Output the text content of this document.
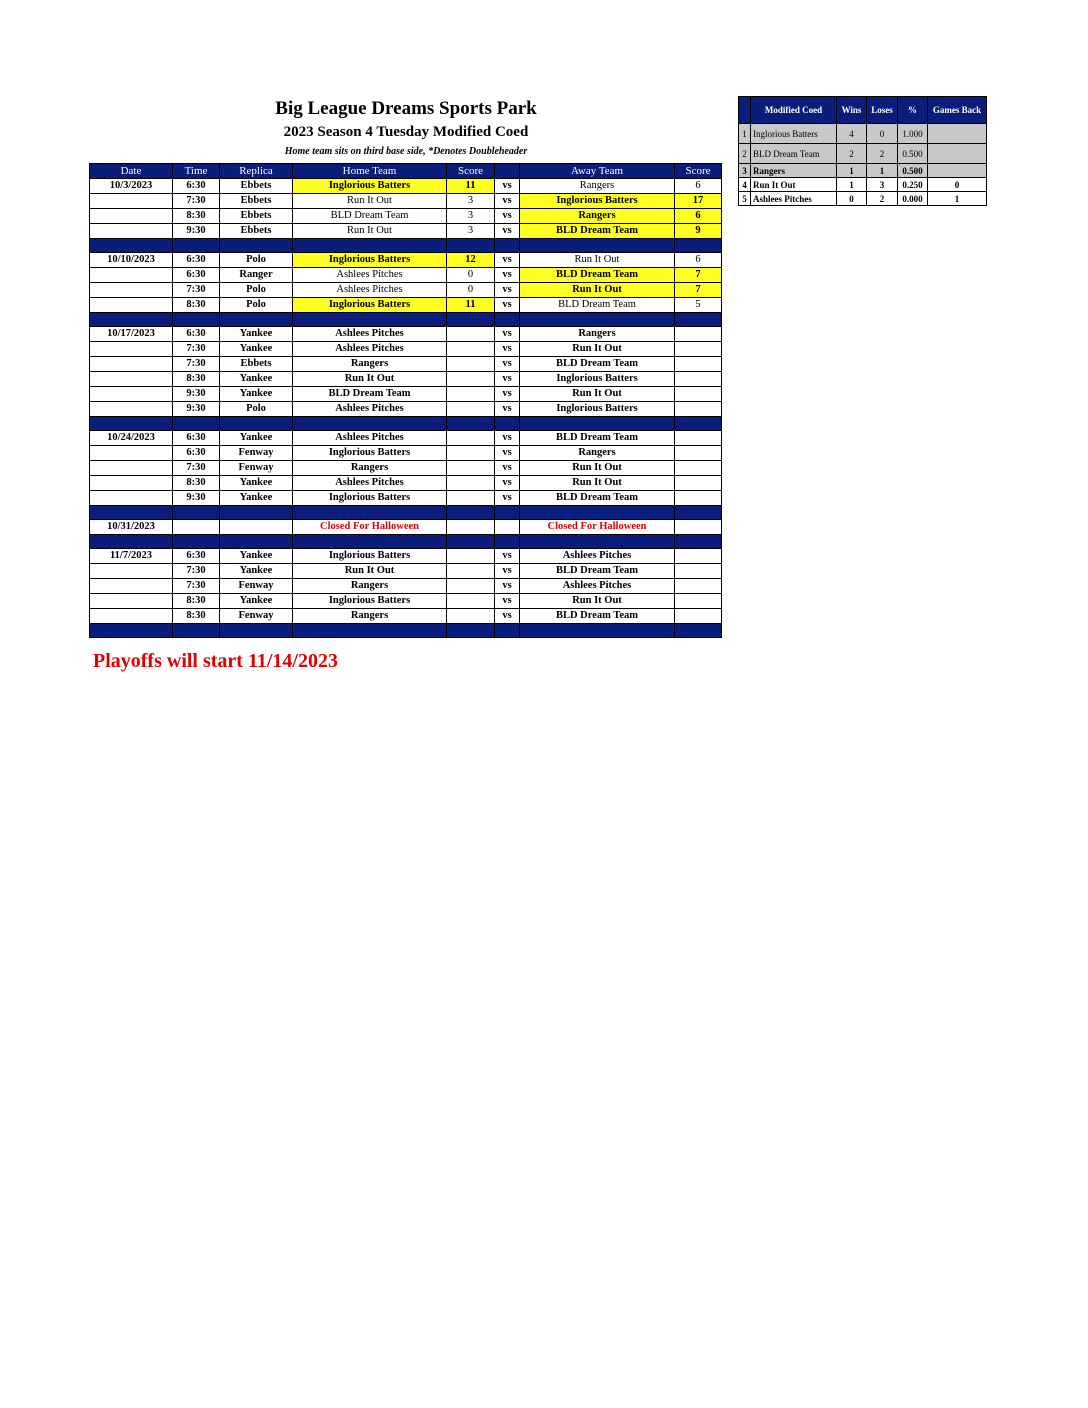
Big League Dreams Sports Park
2023 Season 4 Tuesday Modified Coed
Home team sits on third base side, *Denotes Doubleheader
Date	Time	Replica	Home Team	Score		Away Team	Score
10/3/2023	6:30	Ebbets	Inglorious Batters	11	vs	Rangers	6
	7:30	Ebbets	Run It Out	3	vs	Inglorious Batters	17
	8:30	Ebbets	BLD Dream Team	3	vs	Rangers	6
	9:30	Ebbets	Run It Out	3	vs	BLD Dream Team	9

10/10/2023	6:30	Polo	Inglorious Batters	12	vs	Run It Out	6
	6:30	Ranger	Ashlees Pitches	0	vs	BLD Dream Team	7
	7:30	Polo	Ashlees Pitches	0	vs	Run It Out	7
	8:30	Polo	Inglorious Batters	11	vs	BLD Dream Team	5

10/17/2023	6:30	Yankee	Ashlees Pitches		vs	Rangers	
	7:30	Yankee	Ashlees Pitches		vs	Run It Out	
	7:30	Ebbets	Rangers		vs	BLD Dream Team	
	8:30	Yankee	Run It Out		vs	Inglorious Batters	
	9:30	Yankee	BLD Dream Team		vs	Run It Out	
	9:30	Polo	Ashlees Pitches		vs	Inglorious Batters	

10/24/2023	6:30	Yankee	Ashlees Pitches		vs	BLD Dream Team	
	6:30	Fenway	Inglorious Batters		vs	Rangers	
	7:30	Fenway	Rangers		vs	Run It Out	
	8:30	Yankee	Ashlees Pitches		vs	Run It Out	
	9:30	Yankee	Inglorious Batters		vs	BLD Dream Team	

10/31/2023			Closed For Halloween			Closed For Halloween	

11/7/2023	6:30	Yankee	Inglorious Batters		vs	Ashlees Pitches	
	7:30	Yankee	Run It Out		vs	BLD Dream Team	
	7:30	Fenway	Rangers		vs	Ashlees Pitches	
	8:30	Yankee	Inglorious Batters		vs	Run It Out	
	8:30	Fenway	Rangers		vs	BLD Dream Team	

	Modified Coed	Wins	Loses	%	Games Back
1	Inglorious Batters	4	0	1.000	
2	BLD Dream Team	2	2	0.500	
3	Rangers	1	1	0.500	
4	Run It Out	1	3	0.250	0
5	Ashlees Pitches	0	2	0.000	1
Playoffs will start 11/14/2023
